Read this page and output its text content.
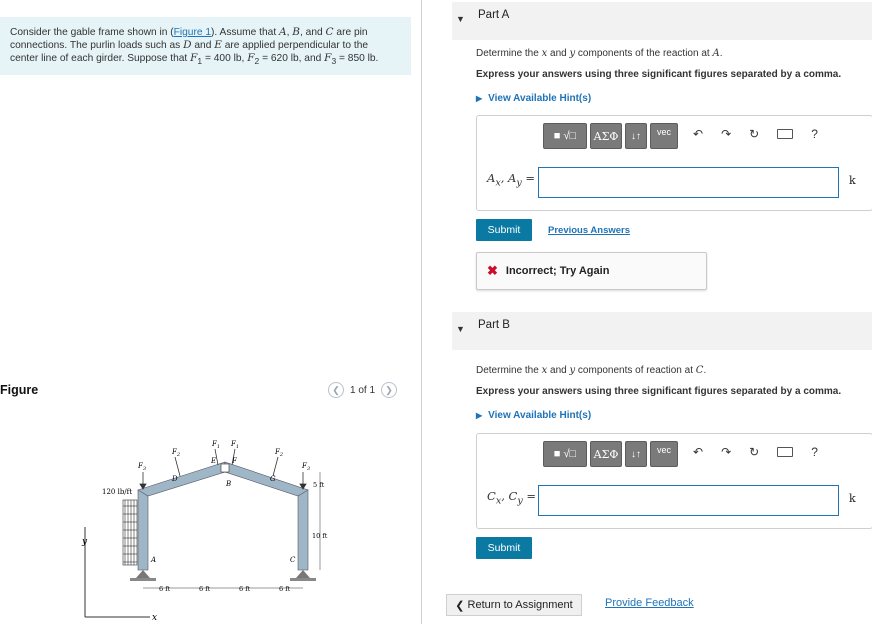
Consider the gable frame shown in (Figure 1). Assume that A, B, and C are pin
connections. The purlin loads such as D and E are applied perpendicular to the
center line of each girder. Suppose that $F_1 = 400$ lb, $F_2 = 620$ lb, and $F_3 = 850$ lb.
Figure	❮	1 of 1	❯
y
x
120 lb/ft
$F_3$
$F_2$
$F_1$ $F_1$
$F_2$
$F_3$
D
E F
G
B
A	C
5 ft
10 ft
6 ft	6 ft	6 ft	6 ft
▼ Part A
Determine the x and y components of the reaction at A.
Express your answers using three significant figures separated by a comma.
▶ View Available Hint(s)
■
√□	ΑΣΦ	↓↑	vec	↶ ↷ ↻	?
$A_x$, $A_y$ =	k
Submit	Previous Answers
✖ Incorrect; Try Again
▼ Part B
Determine the x and y components of reaction at C.
Express your answers using three significant figures separated by a comma.
▶ View Available Hint(s)
■
√□	ΑΣΦ	↓↑	vec	↶ ↷ ↻	?
$C_x$, $C_y$ =	k
Submit
❮ Return to Assignment	Provide Feedback
